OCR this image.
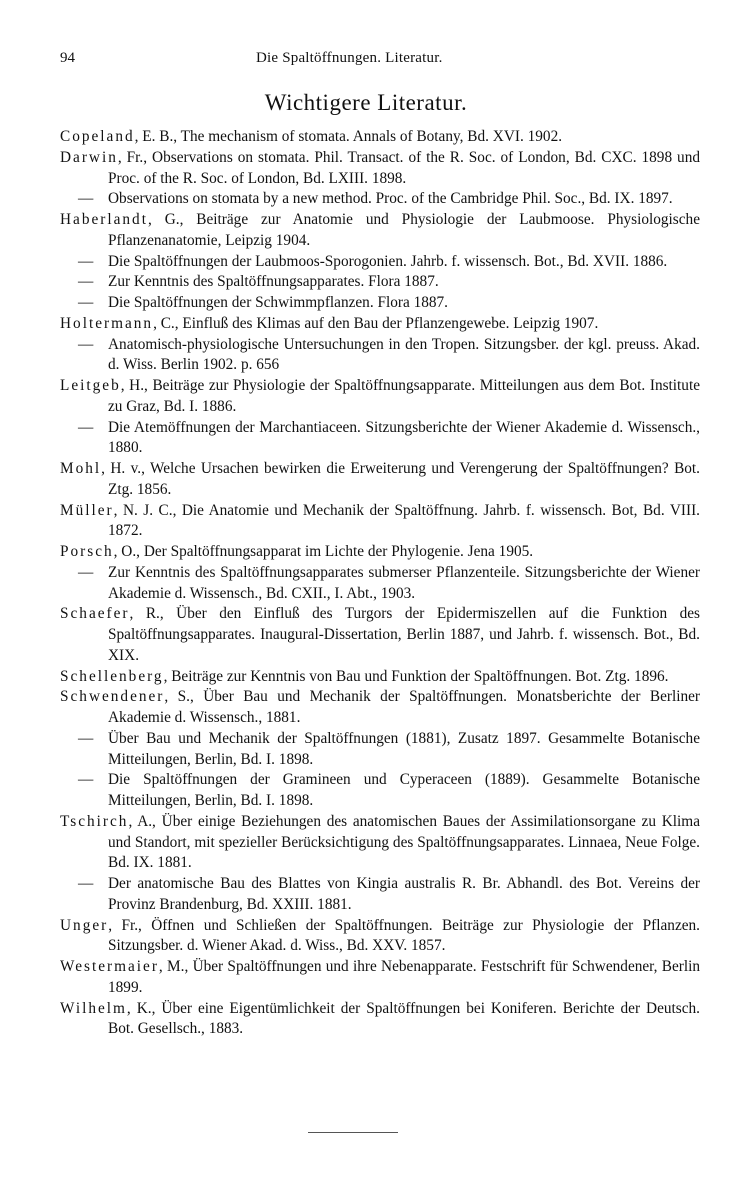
94	Die Spaltöffnungen. Literatur.
Wichtigere Literatur.
Copeland, E. B., The mechanism of stomata. Annals of Botany, Bd. XVI. 1902.
Darwin, Fr., Observations on stomata. Phil. Transact. of the R. Soc. of London, Bd. CXC. 1898 und Proc. of the R. Soc. of London, Bd. LXIII. 1898.
— Observations on stomata by a new method. Proc. of the Cambridge Phil. Soc., Bd. IX. 1897.
Haberlandt, G., Beiträge zur Anatomie und Physiologie der Laubmoose. Physiologische Pflanzenanatomie, Leipzig 1904.
— Die Spaltöffnungen der Laubmoos-Sporogonien. Jahrb. f. wissensch. Bot., Bd. XVII. 1886.
— Zur Kenntnis des Spaltöffnungsapparates. Flora 1887.
— Die Spaltöffnungen der Schwimmpflanzen. Flora 1887.
Holtermann, C., Einfluß des Klimas auf den Bau der Pflanzengewebe. Leipzig 1907.
— Anatomisch-physiologische Untersuchungen in den Tropen. Sitzungsber. der kgl. preuss. Akad. d. Wiss. Berlin 1902. p. 656
Leitgeb, H., Beiträge zur Physiologie der Spaltöffnungsapparate. Mitteilungen aus dem Bot. Institute zu Graz, Bd. I. 1886.
— Die Atemöffnungen der Marchantiaceen. Sitzungsberichte der Wiener Akademie d. Wissensch., 1880.
Mohl, H. v., Welche Ursachen bewirken die Erweiterung und Verengerung der Spaltöffnungen? Bot. Ztg. 1856.
Müller, N. J. C., Die Anatomie und Mechanik der Spaltöffnung. Jahrb. f. wissensch. Bot, Bd. VIII. 1872.
Porsch, O., Der Spaltöffnungsapparat im Lichte der Phylogenie. Jena 1905.
— Zur Kenntnis des Spaltöffnungsapparates submerser Pflanzenteile. Sitzungsberichte der Wiener Akademie d. Wissensch., Bd. CXII., I. Abt., 1903.
Schaefer, R., Über den Einfluß des Turgors der Epidermiszellen auf die Funktion des Spaltöffnungsapparates. Inaugural-Dissertation, Berlin 1887, und Jahrb. f. wissensch. Bot., Bd. XIX.
Schellenberg, Beiträge zur Kenntnis von Bau und Funktion der Spaltöffnungen. Bot. Ztg. 1896.
Schwendener, S., Über Bau und Mechanik der Spaltöffnungen. Monatsberichte der Berliner Akademie d. Wissensch., 1881.
— Über Bau und Mechanik der Spaltöffnungen (1881), Zusatz 1897. Gesammelte Botanische Mitteilungen, Berlin, Bd. I. 1898.
— Die Spaltöffnungen der Gramineen und Cyperaceen (1889). Gesammelte Botanische Mitteilungen, Berlin, Bd. I. 1898.
Tschirch, A., Über einige Beziehungen des anatomischen Baues der Assimilationsorgane zu Klima und Standort, mit spezieller Berücksichtigung des Spaltöffnungsapparates. Linnaea, Neue Folge. Bd. IX. 1881.
— Der anatomische Bau des Blattes von Kingia australis R. Br. Abhandl. des Bot. Vereins der Provinz Brandenburg, Bd. XXIII. 1881.
Unger, Fr., Öffnen und Schließen der Spaltöffnungen. Beiträge zur Physiologie der Pflanzen. Sitzungsber. d. Wiener Akad. d. Wiss., Bd. XXV. 1857.
Westermaier, M., Über Spaltöffnungen und ihre Nebenapparate. Festschrift für Schwendener, Berlin 1899.
Wilhelm, K., Über eine Eigentümlichkeit der Spaltöffnungen bei Koniferen. Berichte der Deutsch. Bot. Gesellsch., 1883.
